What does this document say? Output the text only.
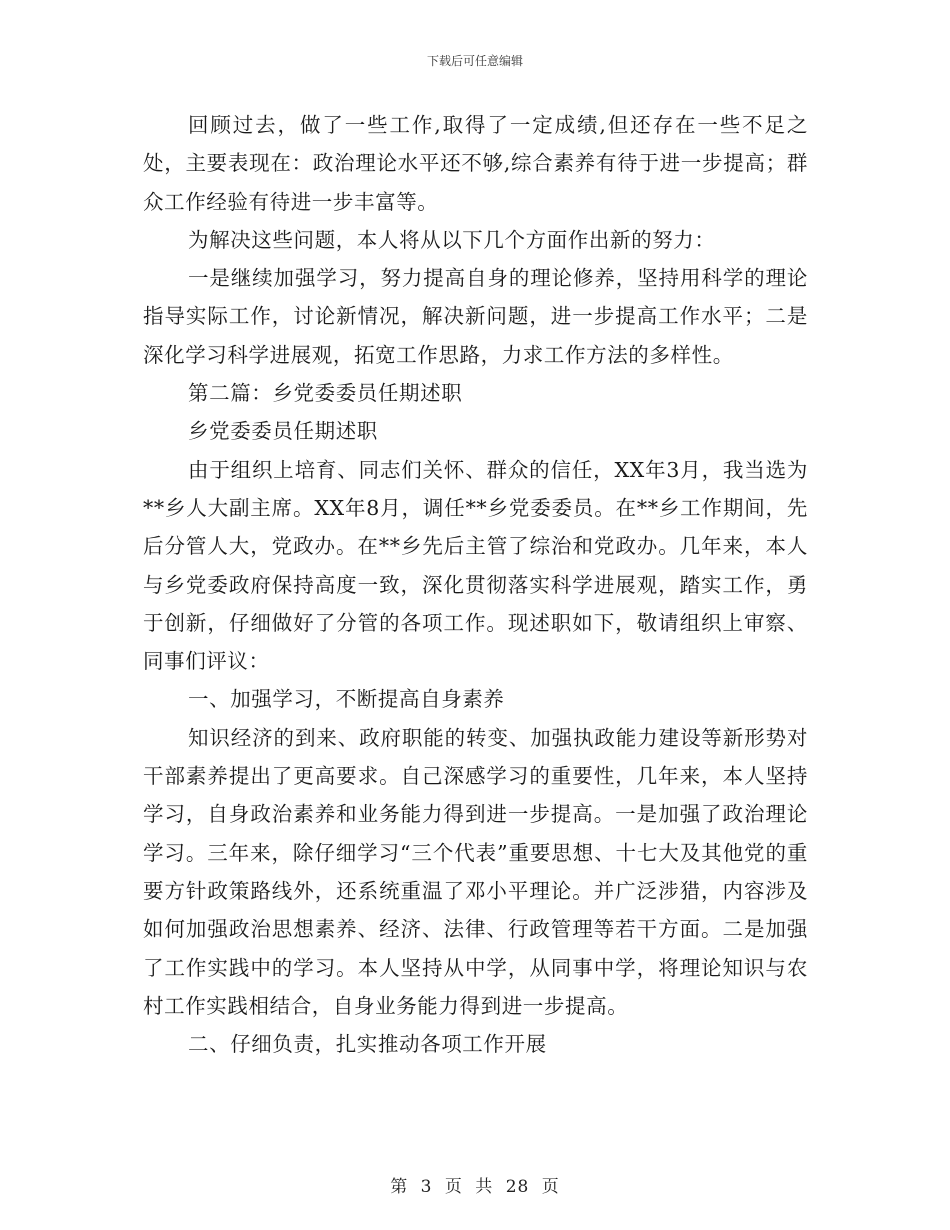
下载后可任意编辑

回顾过去，做了一些工作,取得了一定成绩,但还存在一些不足之处，主要表现在：政治理论水平还不够,综合素养有待于进一步提高；群众工作经验有待进一步丰富等。

为解决这些问题，本人将从以下几个方面作出新的努力：

一是继续加强学习，努力提高自身的理论修养，坚持用科学的理论指导实际工作，讨论新情况，解决新问题，进一步提高工作水平；二是深化学习科学进展观，拓宽工作思路，力求工作方法的多样性。

第二篇：乡党委委员任期述职

乡党委委员任期述职

由于组织上培育、同志们关怀、群众的信任，XX年3月，我当选为**乡人大副主席。XX年8月，调任**乡党委委员。在**乡工作期间，先后分管人大，党政办。在**乡先后主管了综治和党政办。几年来，本人与乡党委政府保持高度一致，深化贯彻落实科学进展观，踏实工作，勇于创新，仔细做好了分管的各项工作。现述职如下，敬请组织上审察、同事们评议：

一、加强学习，不断提高自身素养

知识经济的到来、政府职能的转变、加强执政能力建设等新形势对干部素养提出了更高要求。自己深感学习的重要性，几年来，本人坚持学习，自身政治素养和业务能力得到进一步提高。一是加强了政治理论学习。三年来，除仔细学习“三个代表”重要思想、十七大及其他党的重要方针政策路线外，还系统重温了邓小平理论。并广泛涉猎，内容涉及如何加强政治思想素养、经济、法律、行政管理等若干方面。二是加强了工作实践中的学习。本人坚持从中学，从同事中学，将理论知识与农村工作实践相结合，自身业务能力得到进一步提高。

二、仔细负责，扎实推动各项工作开展

第 3 页 共 28 页
